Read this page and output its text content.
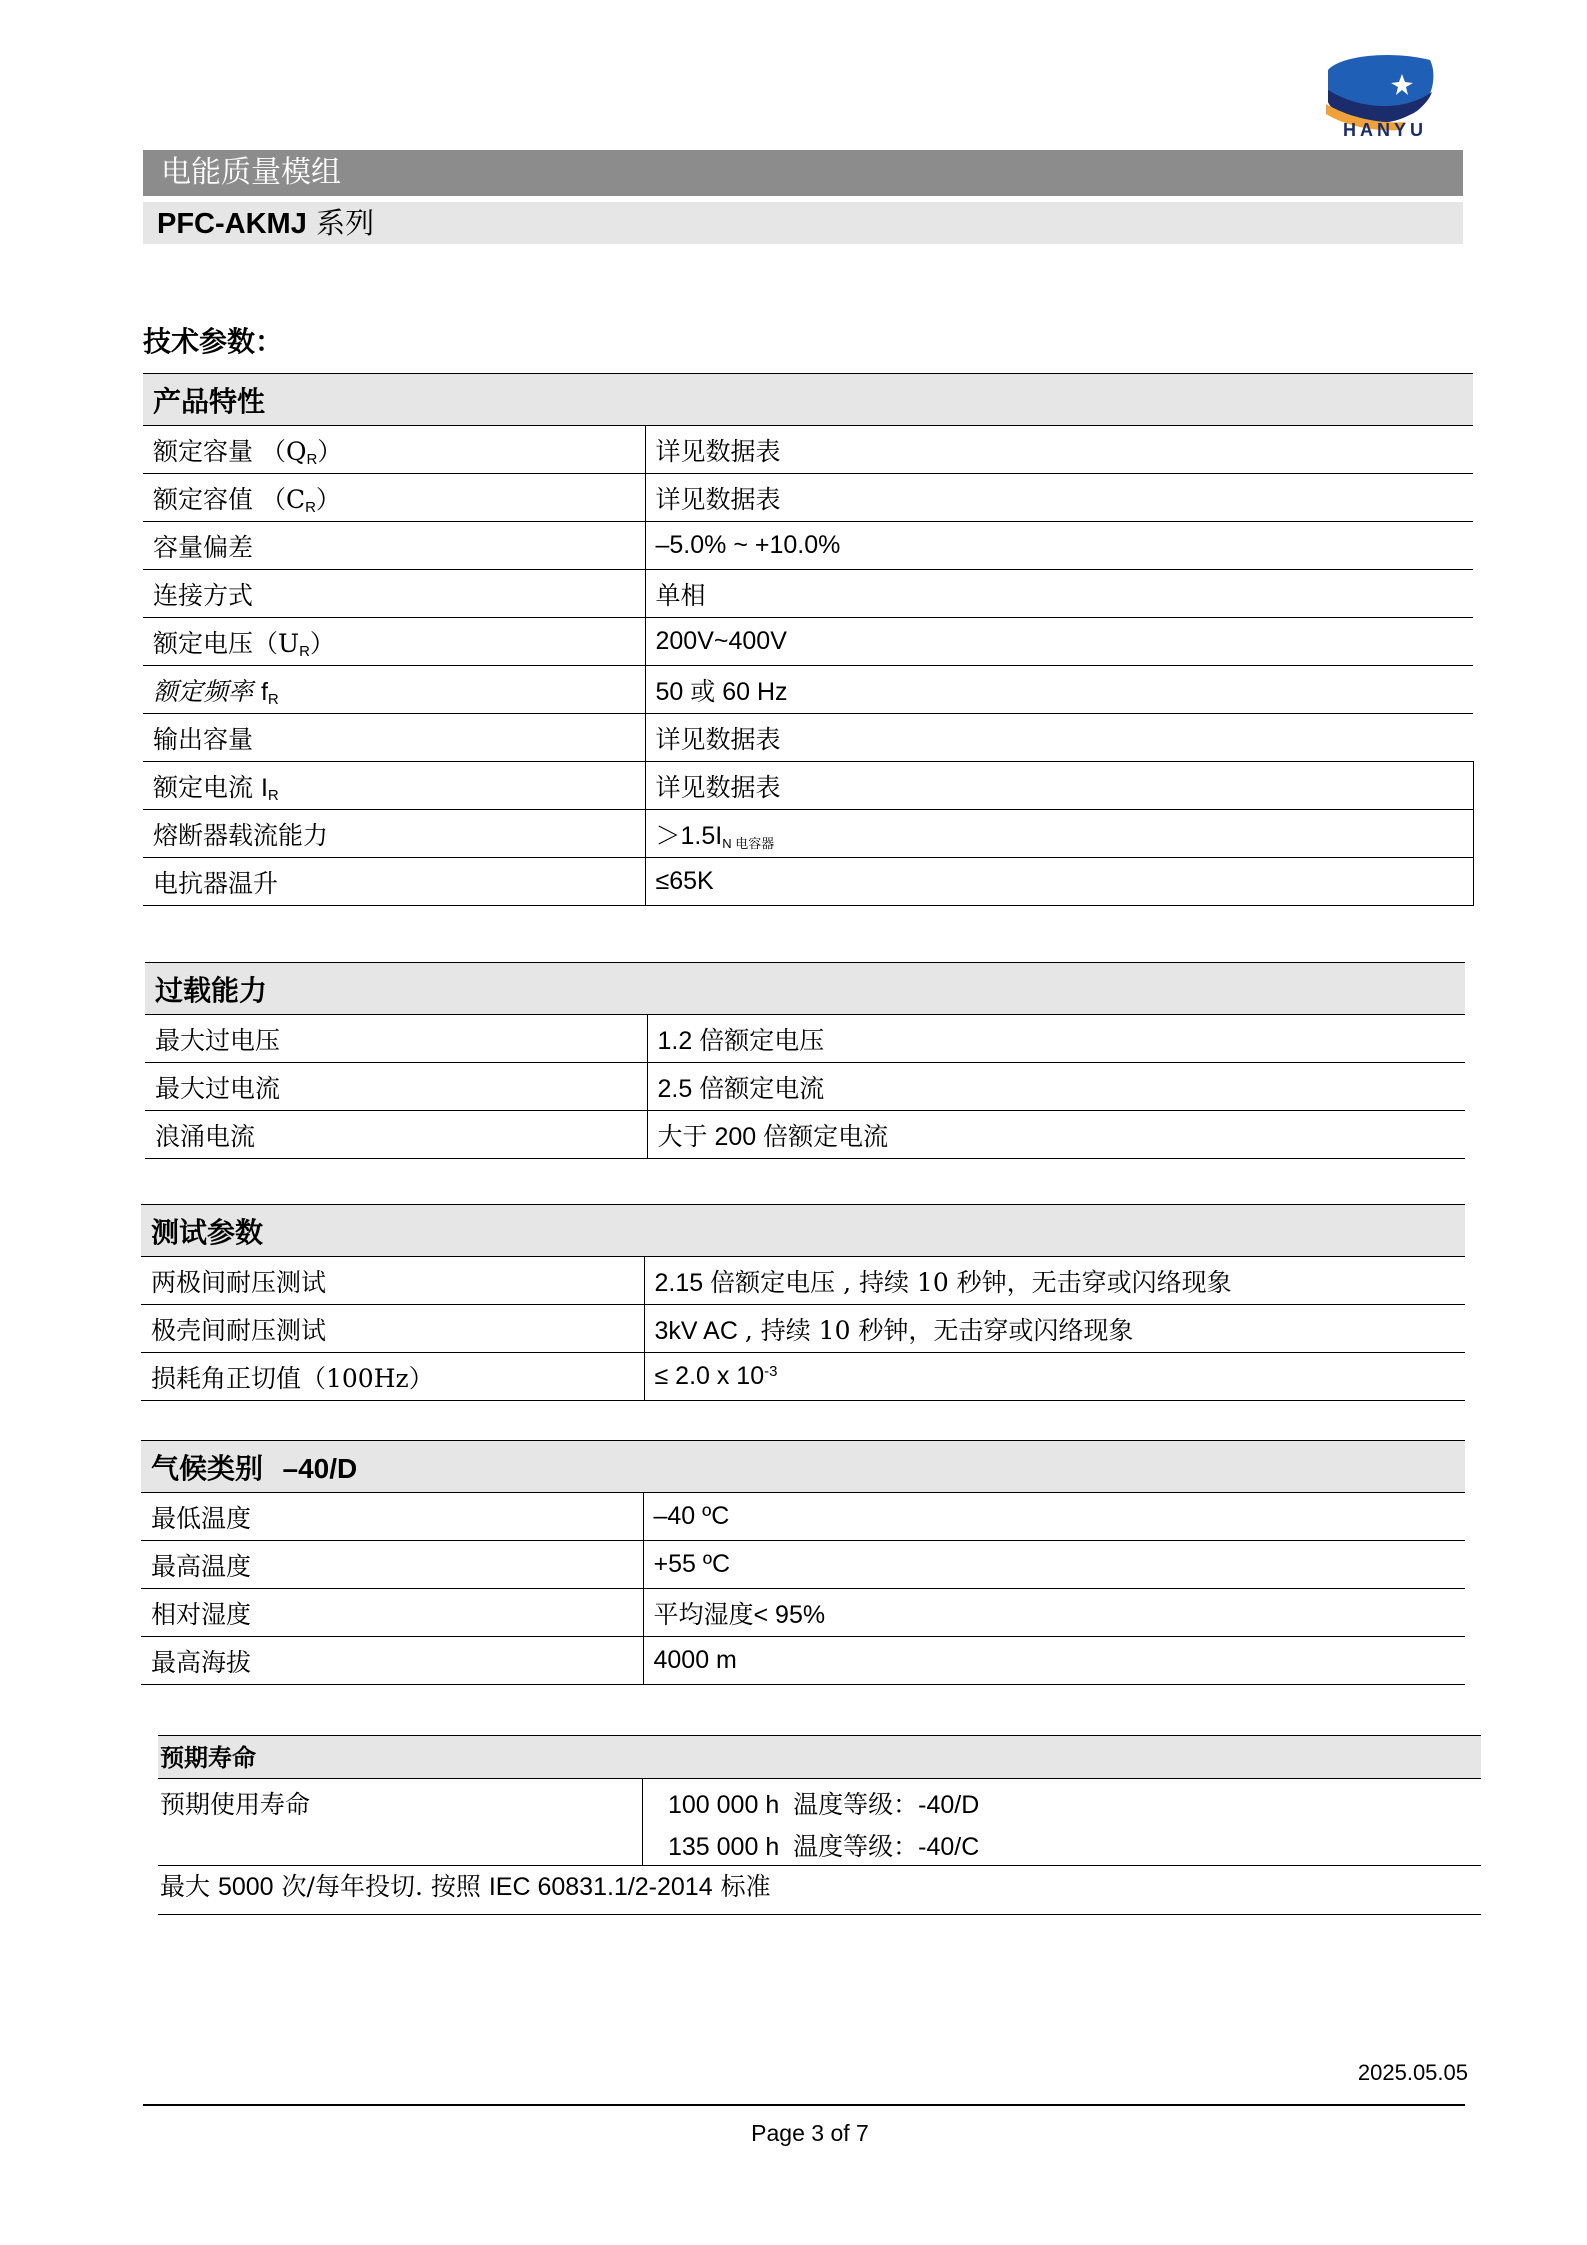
HANYU
电能质量模组
PFC-AKMJ 系列
技术参数：
产品特性	
额定容量 $(Q_R)$	详见数据表
额定容值 $(C_R)$	详见数据表
容量偏差	–5.0% ~ +10.0%
连接方式	单相
额定电压$(U_R)$	200V~400V
额定频率 $f_R$	50 或 60 Hz
输出容量	详见数据表
额定电流 $I_R$	详见数据表
熔断器载流能力	$>1.5I_{N 电容器}$
电抗器温升	≤65K
过载能力	
最大过电压	1.2 倍额定电压
最大过电流	2.5 倍额定电流
浪涌电流	大于 200 倍额定电流
测试参数	
两极间耐压测试	2.15 倍额定电压 , 持续 10 秒钟，无击穿或闪络现象
极壳间耐压测试	3kV AC , 持续 10 秒钟，无击穿或闪络现象
损耗角正切值（100Hz）	≤ 2.0 x $10^{-3}$
气候类别 –40/D	
最低温度	–40 ºC
最高温度	+55 ºC
相对湿度	平均湿度< 95%
最高海拔	4000 m
预期寿命
预期使用寿命	100 000 h 温度等级：-40/D
135 000 h 温度等级：-40/C
最大 5000 次/每年投切. 按照 IEC 60831.1/2-2014 标准
2025.05.05
Page 3 of 7
